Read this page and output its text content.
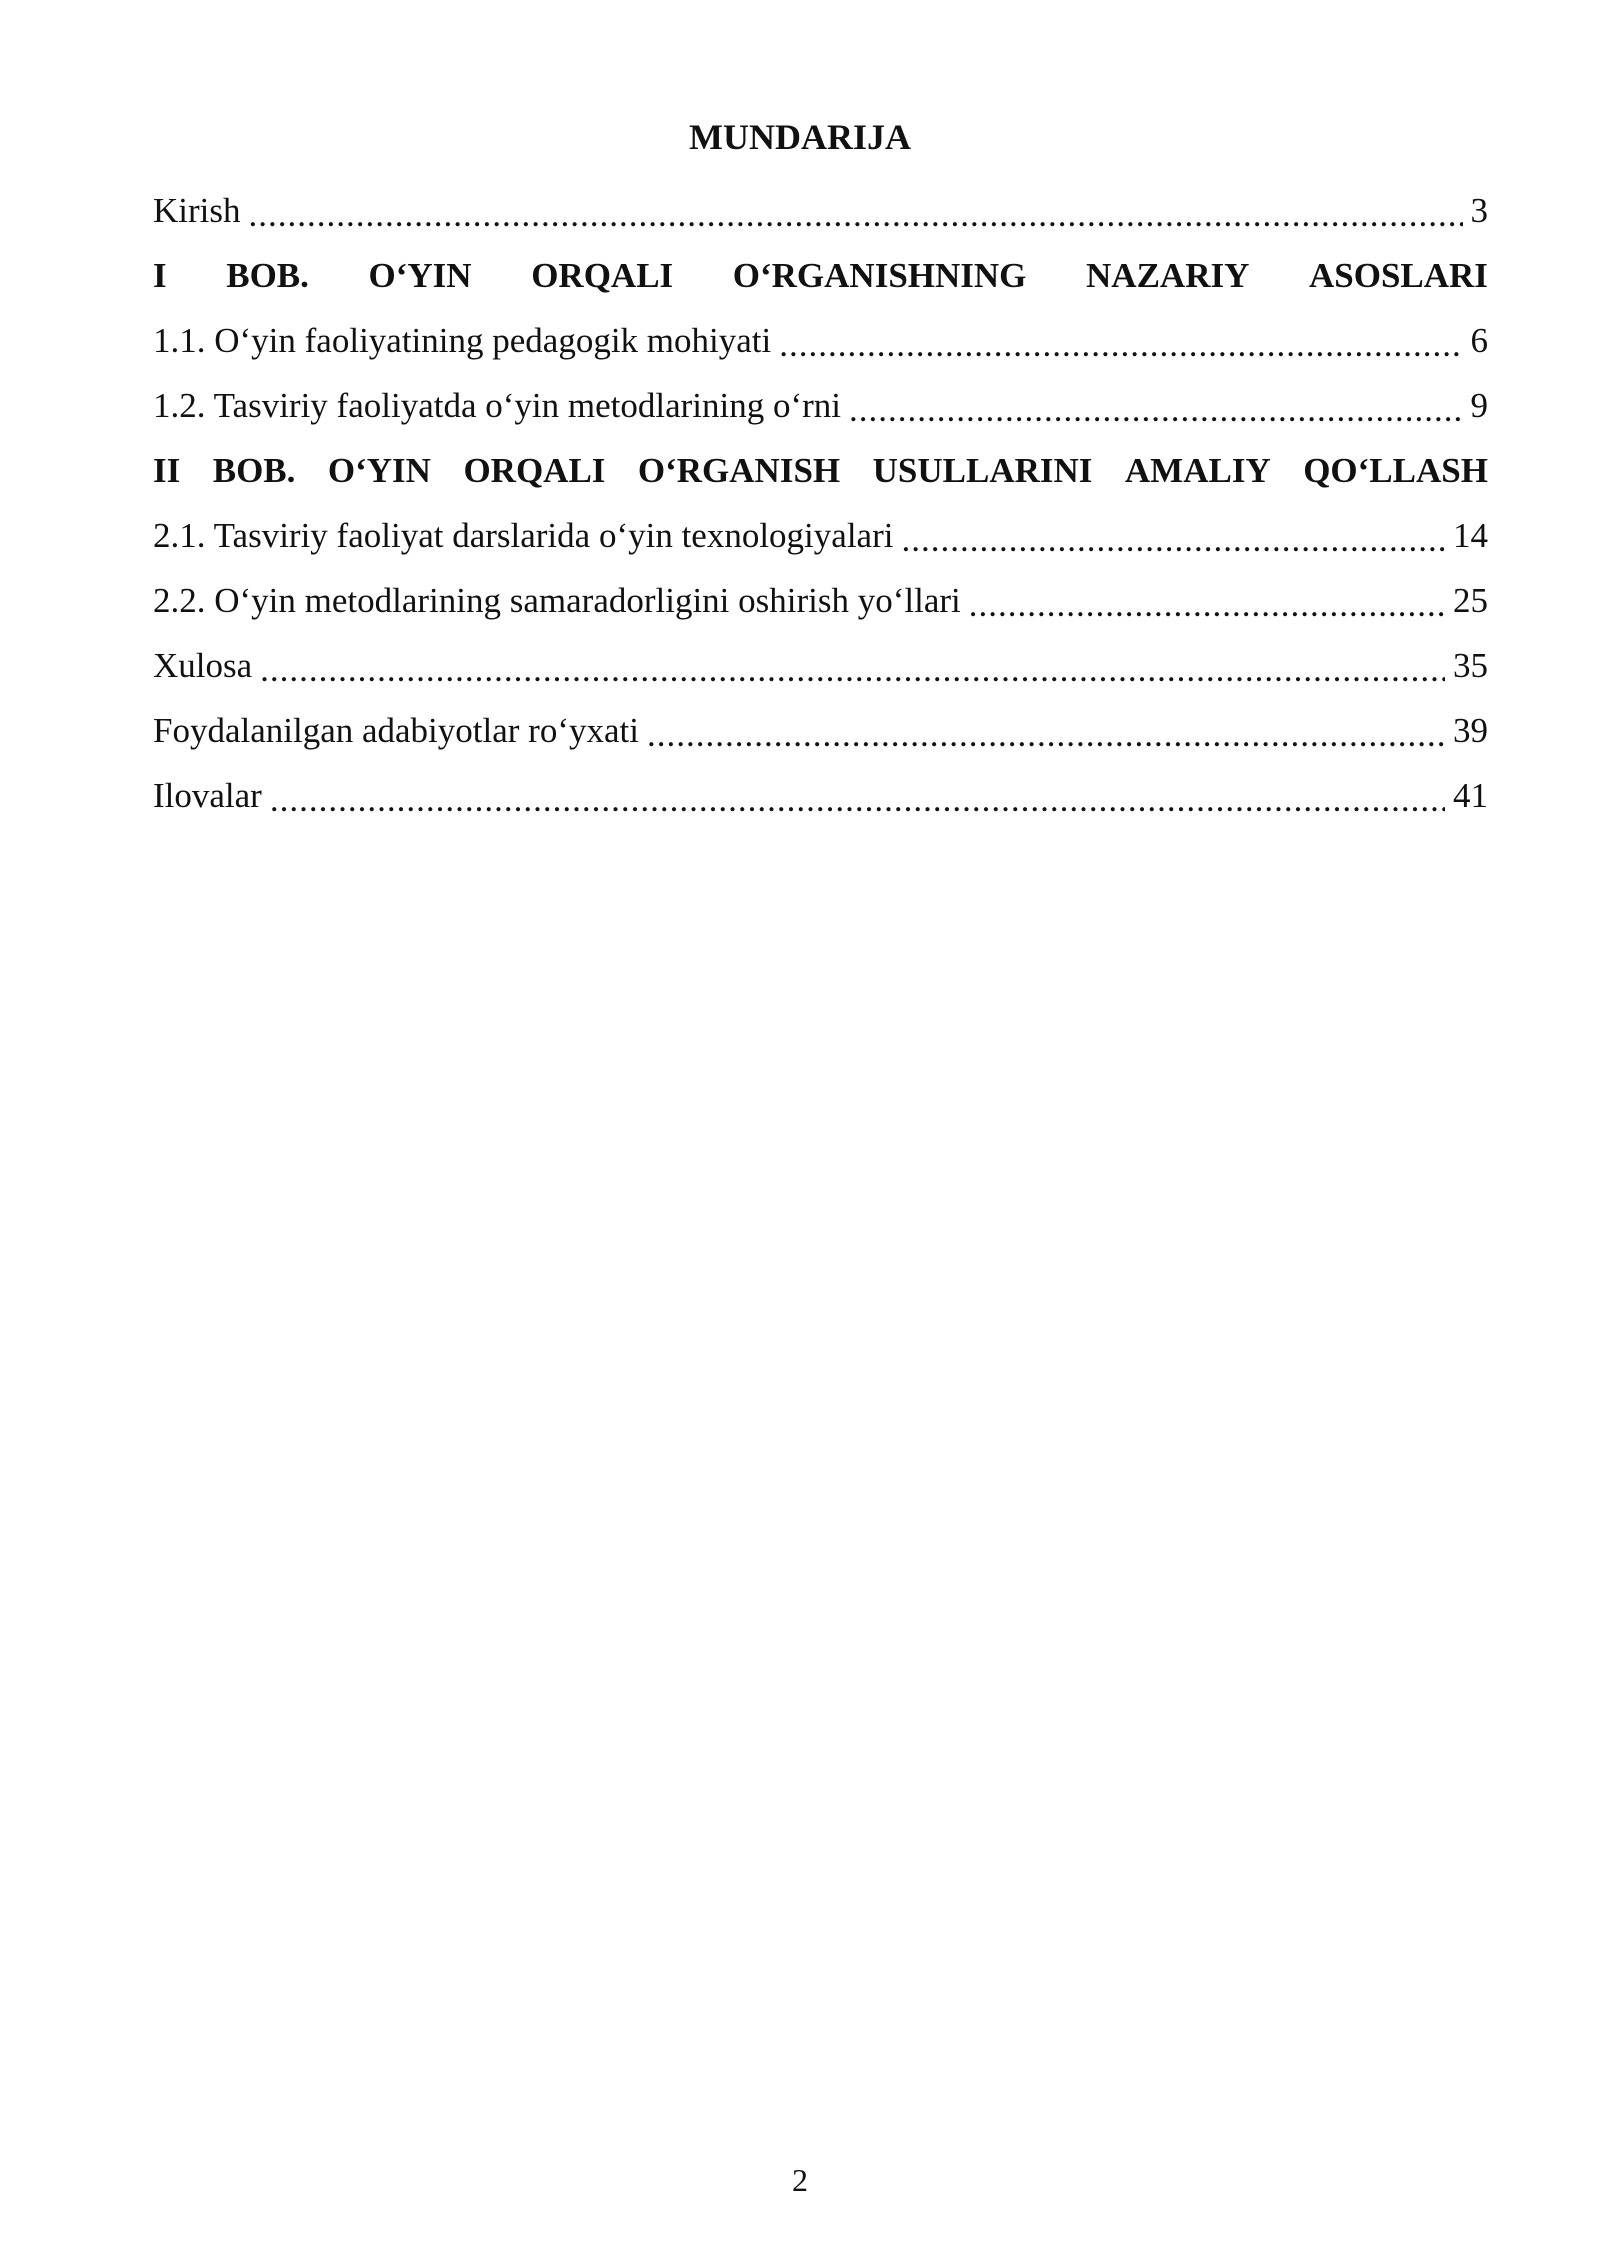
MUNDARIJA
Kirish .....	3
I BOB. O‘YIN ORQALI O‘RGANISHNING NAZARIY ASOSLARI
1.1. O‘yin faoliyatining pedagogik mohiyati .....	6
1.2. Tasviriy faoliyatda o‘yin metodlarining o‘rni .....	9
II BOB. O‘YIN ORQALI O‘RGANISH USULLARINI AMALIY QO‘LLASH
2.1. Tasviriy faoliyat darslarida o‘yin texnologiyalari .....	14
2.2. O‘yin metodlarining samaradorligini oshirish yo‘llari .....	25
Xulosa .....	35
Foydalanilgan adabiyotlar ro‘yxati .....	39
Ilovalar .....	41
2
